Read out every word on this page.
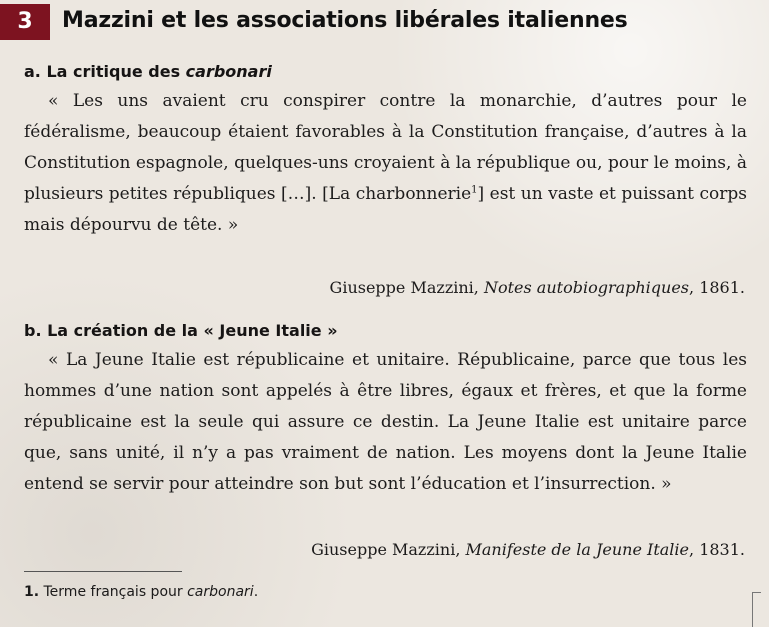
3	Mazzini et les associations libérales italiennes
a. La critique des carbonari

« Les uns avaient cru conspirer contre la monarchie, d’autres pour le fédéralisme, beaucoup étaient favorables à la Constitution française, d’autres à la Constitution espagnole, quelques-uns croyaient à la république ou, pour le moins, à plusieurs petites républiques […]. [La charbonnerie$^1$] est un vaste et puissant corps mais dépourvu de tête. »

Giuseppe Mazzini, Notes autobiographiques, 1861.
b. La création de la « Jeune Italie »

« La Jeune Italie est républicaine et unitaire. Républicaine, parce que tous les hommes d’une nation sont appelés à être libres, égaux et frères, et que la forme républicaine est la seule qui assure ce destin. La Jeune Italie est unitaire parce que, sans unité, il n’y a pas vraiment de nation. Les moyens dont la Jeune Italie entend se servir pour atteindre son but sont l’éducation et l’insurrection. »

Giuseppe Mazzini, Manifeste de la Jeune Italie, 1831.
1. Terme français pour carbonari.
